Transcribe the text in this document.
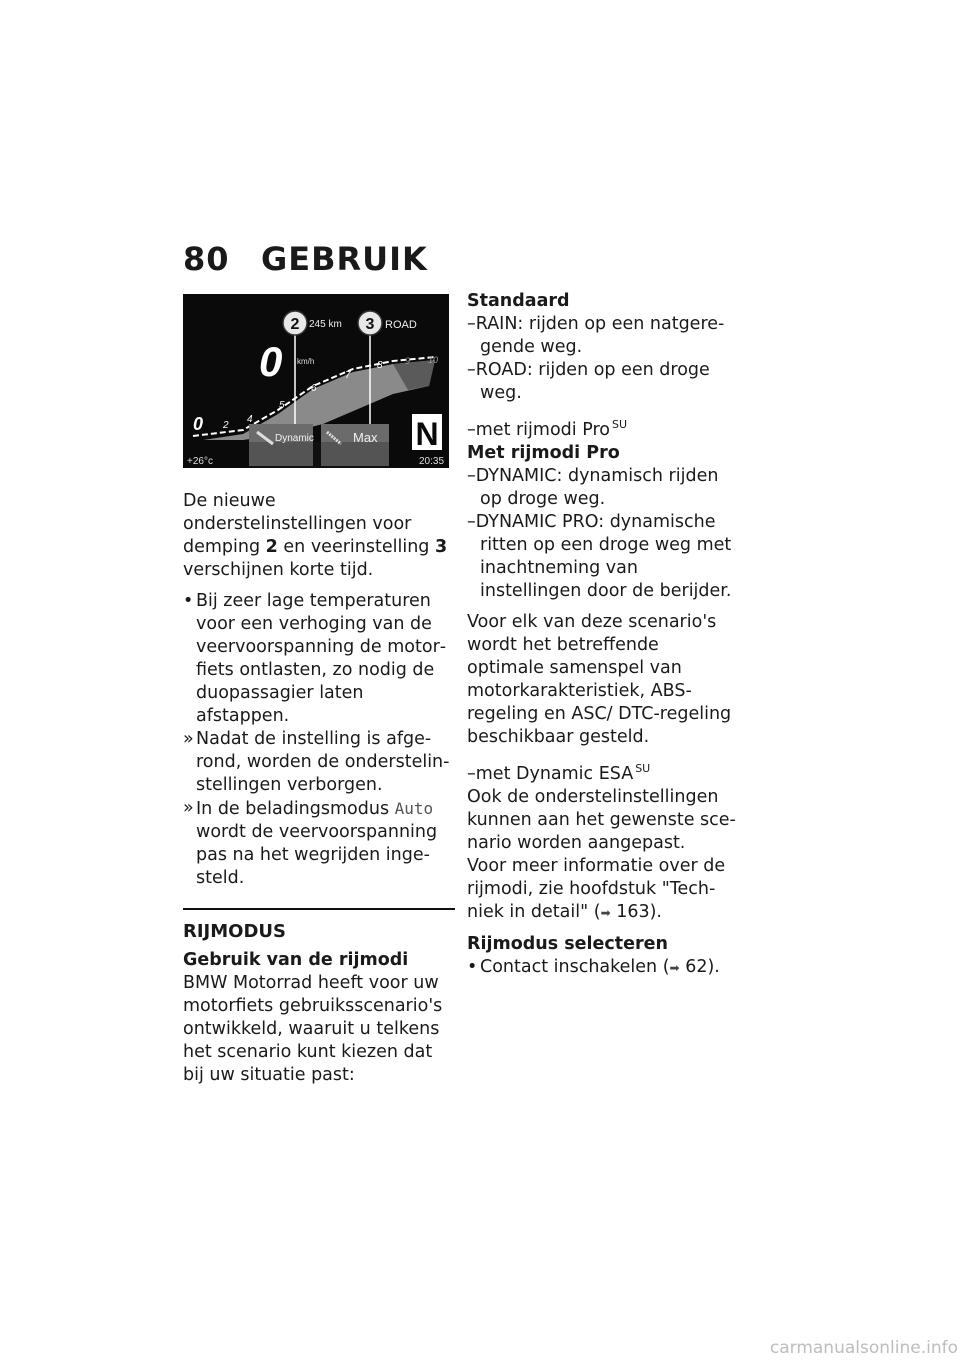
80 GEBRUIK
Dynamic	Max
2	3
245 km	ROAD
0 km/h
0 2
4
5
6
7
8 9 10
N
+26°c	20:35

De nieuwe onderstelinstellingen voor demping 2 en veerinstelling 3 verschijnen korte tijd.

• Bij zeer lage temperaturen voor een verhoging van de veervoorspanning de motorfiets ontlasten, zo nodig de duopassagier laten afstappen.

» Nadat de instelling is afgerond, worden de onderstelinstellingen verborgen.

» In de beladingsmodus Auto wordt de veervoorspanning pas na het wegrijden ingesteld.

RIJMODUS
Gebruik van de rijmodi

BMW Motorrad heeft voor uw motorfiets gebruiksscenario's ontwikkeld, waaruit u telkens het scenario kunt kiezen dat bij uw situatie past:

Standaard

–RAIN: rijden op een natgeregende weg.

–ROAD: rijden op een droge weg.

–met rijmodi Pro $^{SU}$
Met rijmodi Pro

–DYNAMIC: dynamisch rijden op droge weg.

–DYNAMIC PRO: dynamische ritten op een droge weg met inachtneming van instellingen door de berijder.

Voor elk van deze scenario's wordt het betreffende optimale samenspel van motorkarakteristiek, ABS-regeling en ASC/ DTC-regeling beschikbaar gesteld.

–met Dynamic ESA $^{SU}$
Ook de onderstelinstellingen kunnen aan het gewenste scenario worden aangepast.

Voor meer informatie over de rijmodi, zie hoofdstuk "Techniek in detail" (➡ 163).

Rijmodus selecteren

• Contact inschakelen (➡ 62).

carmanualsonline.info
